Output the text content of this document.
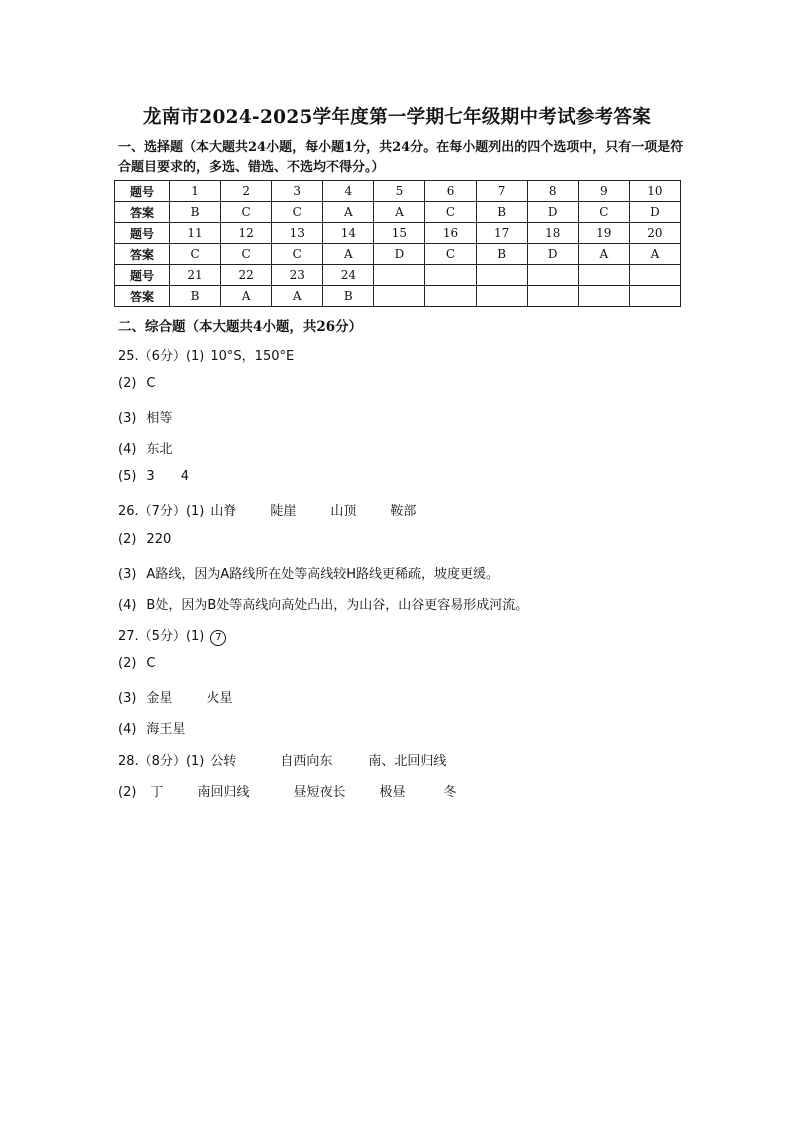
龙南市2024-2025学年度第一学期七年级期中考试参考答案
一、选择题（本大题共24小题，每小题1分，共24分。在每小题列出的四个选项中，只有一项是符合题目要求的，多选、错选、不选均不得分。）
题号	1	2	3	4	5	6	7	8	9	10
答案	B	C	C	A	A	C	B	D	C	D
题号	11	12	13	14	15	16	17	18	19	20
答案	C	C	C	A	D	C	B	D	A	A
题号	21	22	23	24						
答案	B	A	A	B						
二、综合题（本大题共4小题，共26分）
25.（6分）(1) 10°S，150°E
(2) C
(3) 相等
(4) 东北
(5) 3 4
26.（7分）(1) 山脊	陡崖	山顶	鞍部
(2) 220
(3) A路线，因为A路线所在处等高线较H路线更稀疏，坡度更缓。
(4) B处，因为B处等高线向高处凸出，为山谷，山谷更容易形成河流。
27.（5分）(1) 7
(2) C
(3) 金星	火星
(4) 海王星
28.（8分）(1) 公转	自西向东	南、北回归线
(2) 丁	南回归线	昼短夜长	极昼	冬
